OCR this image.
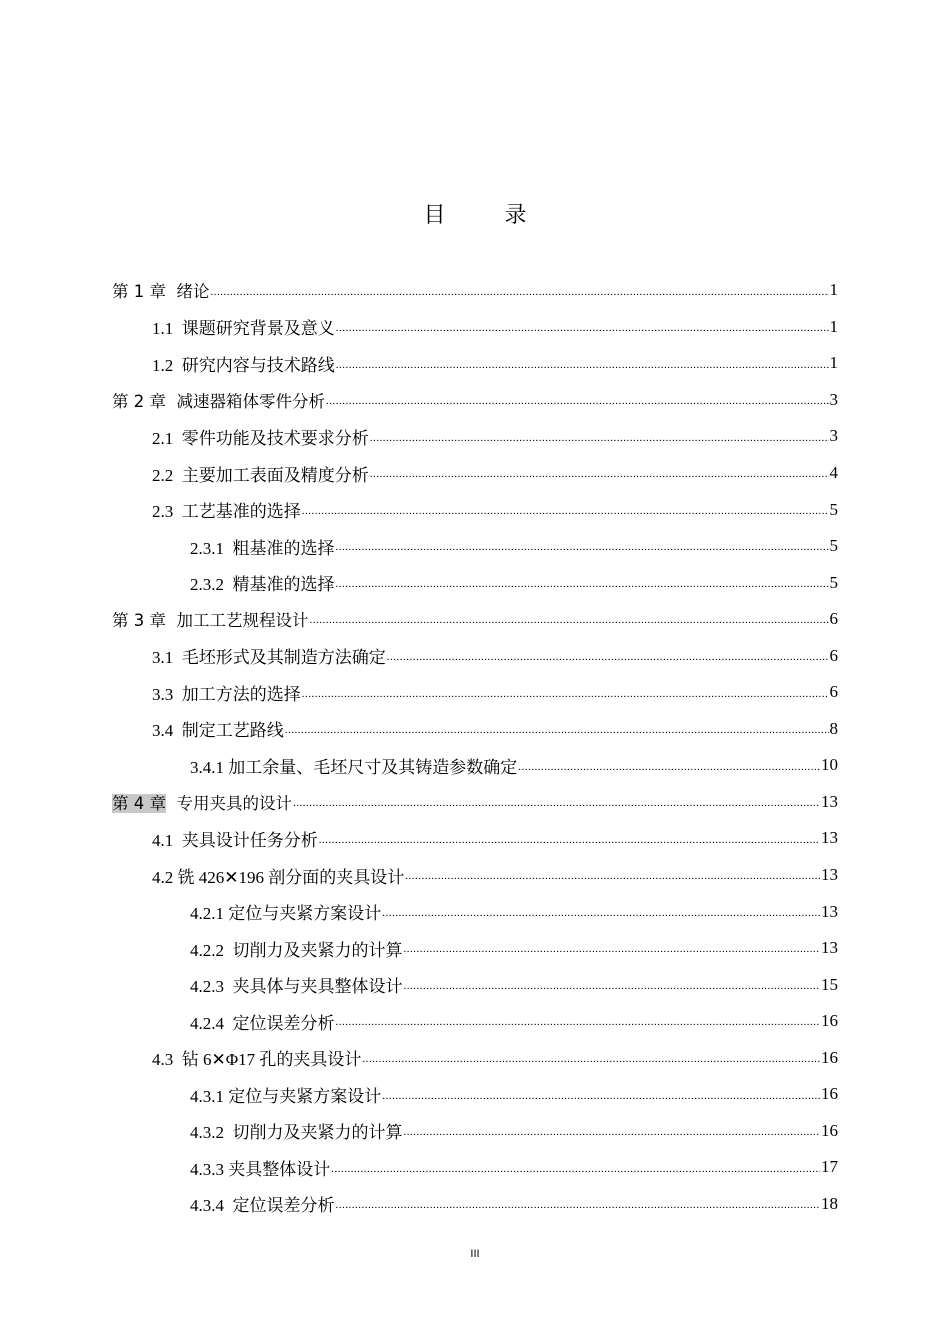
目 录
第 1 章 绪论 .....	1
1.1 课题研究背景及意义 .....	1
1.2 研究内容与技术路线 .....	1
第 2 章 减速器箱体零件分析 .....	3
2.1 零件功能及技术要求分析 .....	3
2.2 主要加工表面及精度分析 .....	4
2.3 工艺基准的选择 .....	5
2.3.1 粗基准的选择 .....	5
2.3.2 精基准的选择 .....	5
第 3 章 加工工艺规程设计 .....	6
3.1 毛坯形式及其制造方法确定 .....	6
3.3 加工方法的选择 .....	6
3.4 制定工艺路线 .....	8
3.4.1 加工余量、毛坯尺寸及其铸造参数确定 .....	10
第 4 章 专用夹具的设计 .....	13
4.1 夹具设计任务分析 .....	13
4.2 铣 426✕196 剖分面的夹具设计 .....	13
4.2.1 定位与夹紧方案设计 .....	13
4.2.2 切削力及夹紧力的计算 .....	13
4.2.3 夹具体与夹具整体设计 .....	15
4.2.4 定位误差分析 .....	16
4.3 钻 6✕Φ17 孔的夹具设计 .....	16
4.3.1 定位与夹紧方案设计 .....	16
4.3.2 切削力及夹紧力的计算 .....	16
4.3.3 夹具整体设计 .....	17
4.3.4 定位误差分析 .....	18
III
